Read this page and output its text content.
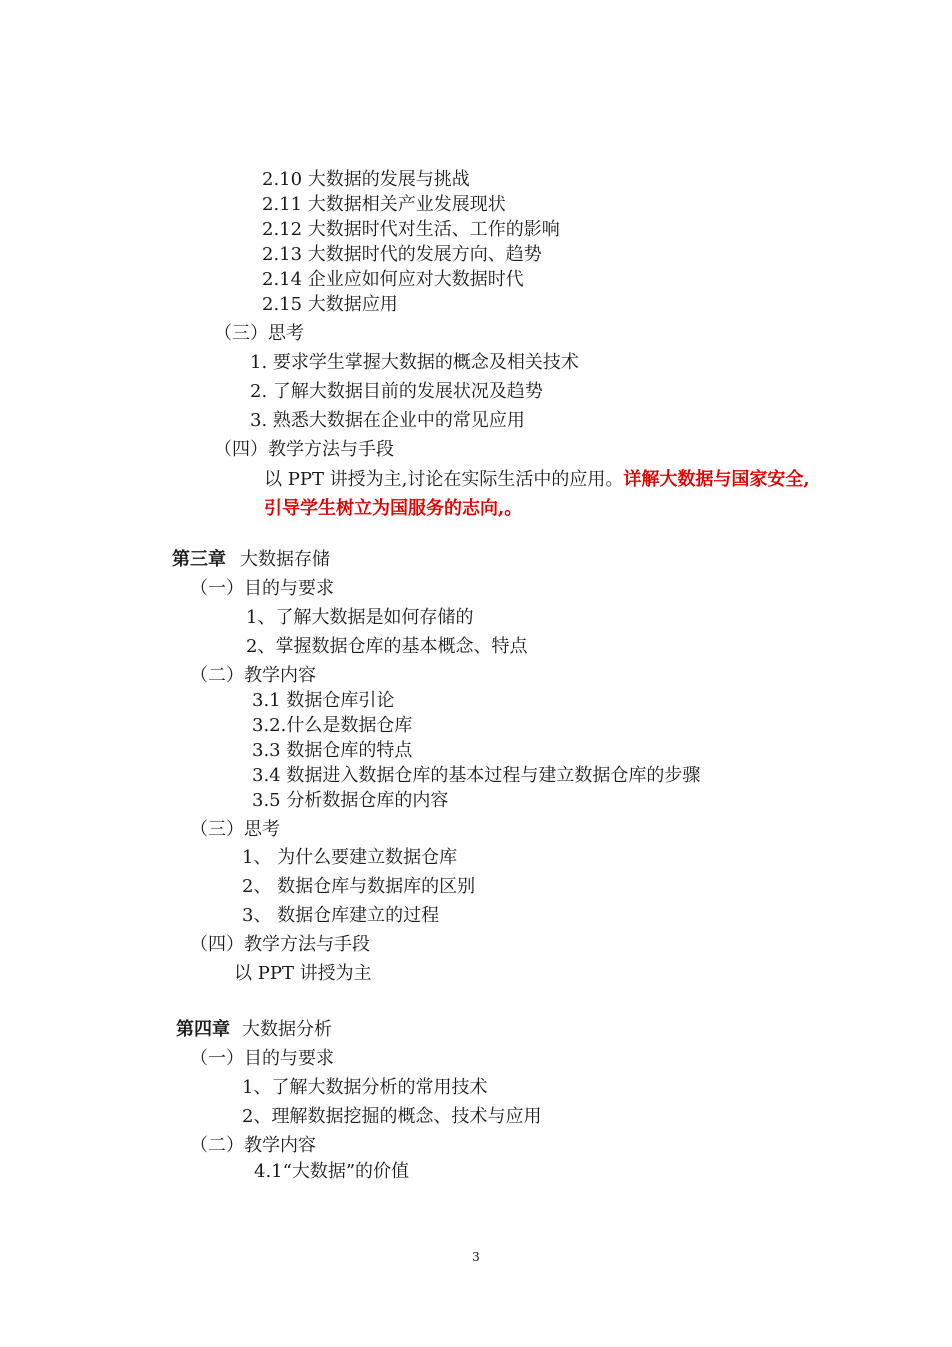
2.10 大数据的发展与挑战
2.11 大数据相关产业发展现状
2.12 大数据时代对生活、工作的影响
2.13 大数据时代的发展方向、趋势
2.14 企业应如何应对大数据时代
2.15 大数据应用
（三）思考
1. 要求学生掌握大数据的概念及相关技术
2. 了解大数据目前的发展状况及趋势
3. 熟悉大数据在企业中的常见应用
（四）教学方法与手段
以 PPT 讲授为主,讨论在实际生活中的应用。详解大数据与国家安全,
引导学生树立为国服务的志向,。
第三章 大数据存储
（一）目的与要求
1、了解大数据是如何存储的
2、掌握数据仓库的基本概念、特点
（二）教学内容
3.1 数据仓库引论
3.2.什么是数据仓库
3.3 数据仓库的特点
3.4 数据进入数据仓库的基本过程与建立数据仓库的步骤
3.5 分析数据仓库的内容
（三）思考
1、 为什么要建立数据仓库
2、 数据仓库与数据库的区别
3、 数据仓库建立的过程
（四）教学方法与手段
以 PPT 讲授为主
第四章 大数据分析
（一）目的与要求
1、了解大数据分析的常用技术
2、理解数据挖掘的概念、技术与应用
（二）教学内容
4.1“大数据”的价值
3
